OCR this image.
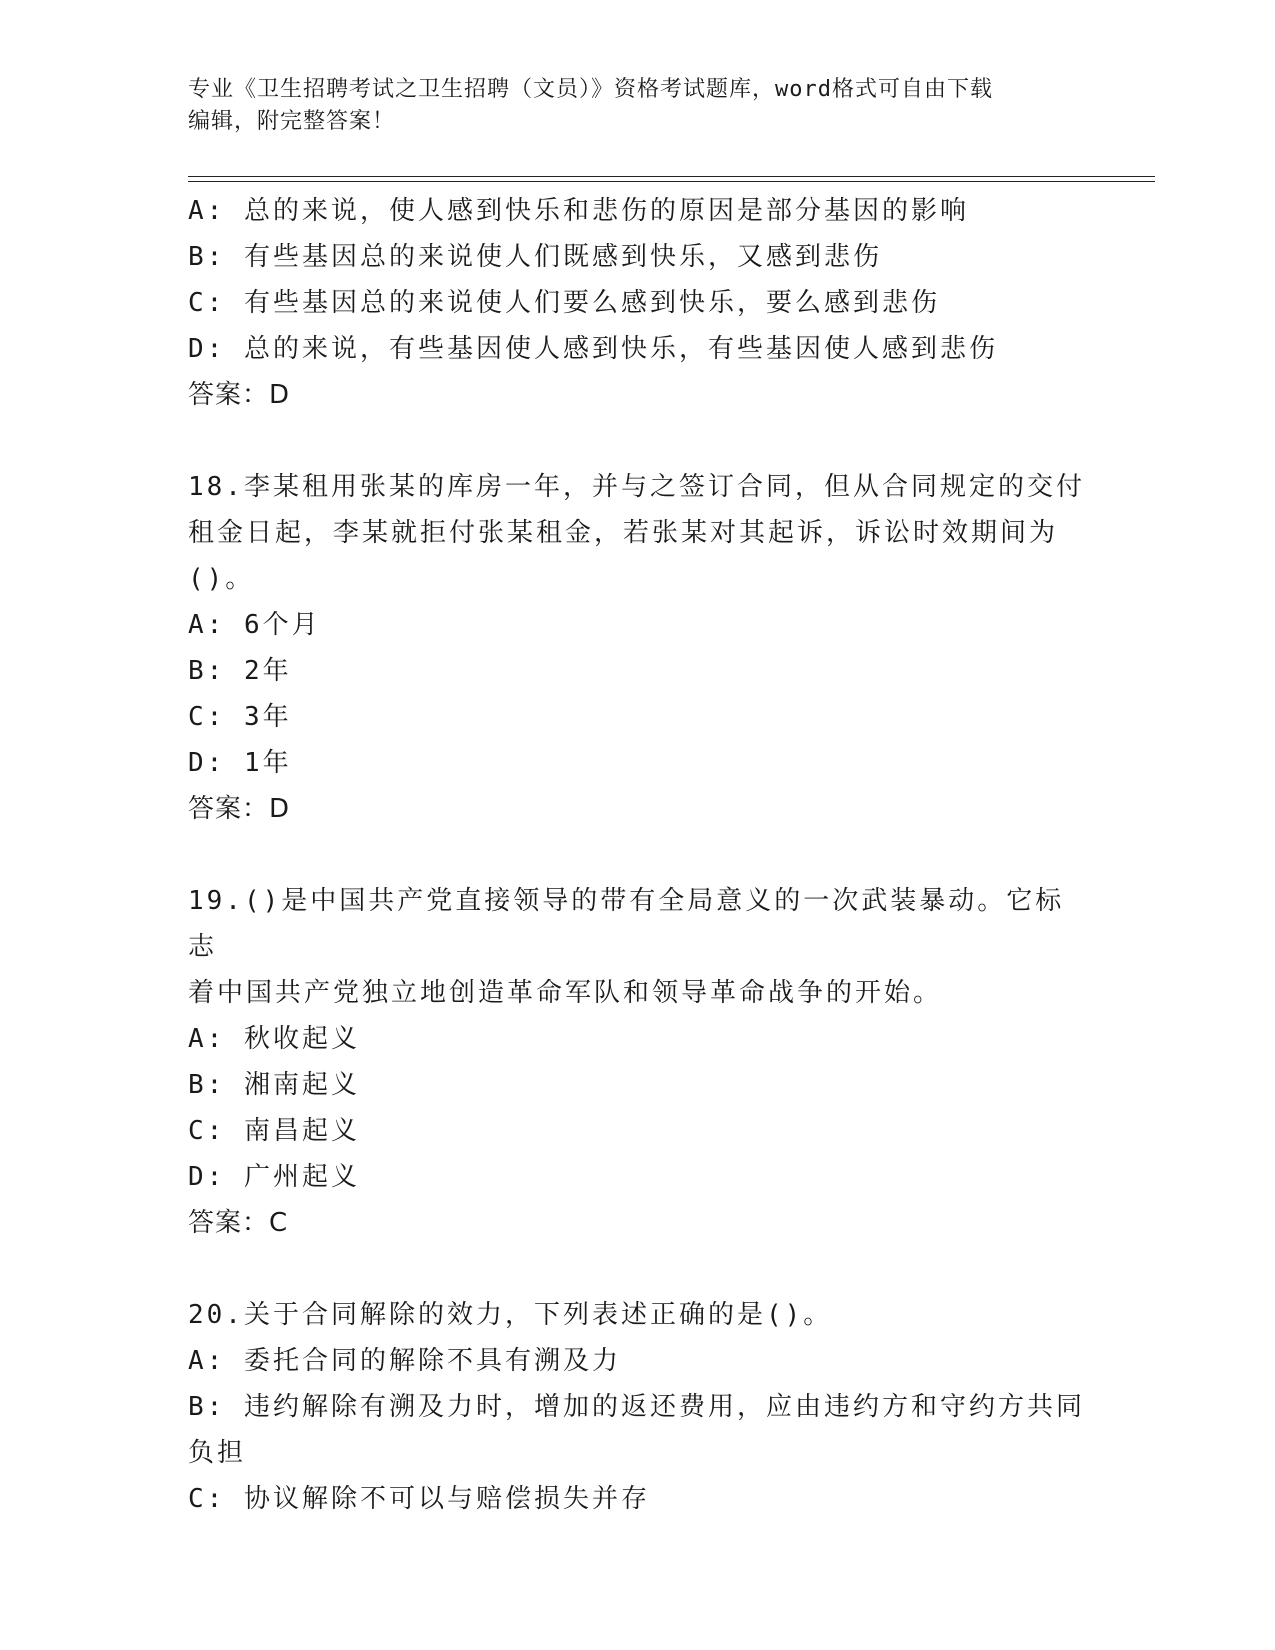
专业《卫生招聘考试之卫生招聘（文员）》资格考试题库，word格式可自由下载

编辑，附完整答案！

A: 总的来说，使人感到快乐和悲伤的原因是部分基因的影响

B: 有些基因总的来说使人们既感到快乐，又感到悲伤

C: 有些基因总的来说使人们要么感到快乐，要么感到悲伤

D: 总的来说，有些基因使人感到快乐，有些基因使人感到悲伤

答案：D

18.李某租用张某的库房一年，并与之签订合同，但从合同规定的交付

租金日起，李某就拒付张某租金，若张某对其起诉，诉讼时效期间为

()。

A: 6个月

B: 2年

C: 3年

D: 1年

答案：D

19.()是中国共产党直接领导的带有全局意义的一次武装暴动。它标志

着中国共产党独立地创造革命军队和领导革命战争的开始。

A: 秋收起义

B: 湘南起义

C: 南昌起义

D: 广州起义

答案：C

20.关于合同解除的效力，下列表述正确的是()。

A: 委托合同的解除不具有溯及力

B: 违约解除有溯及力时，增加的返还费用，应由违约方和守约方共同

负担

C: 协议解除不可以与赔偿损失并存
